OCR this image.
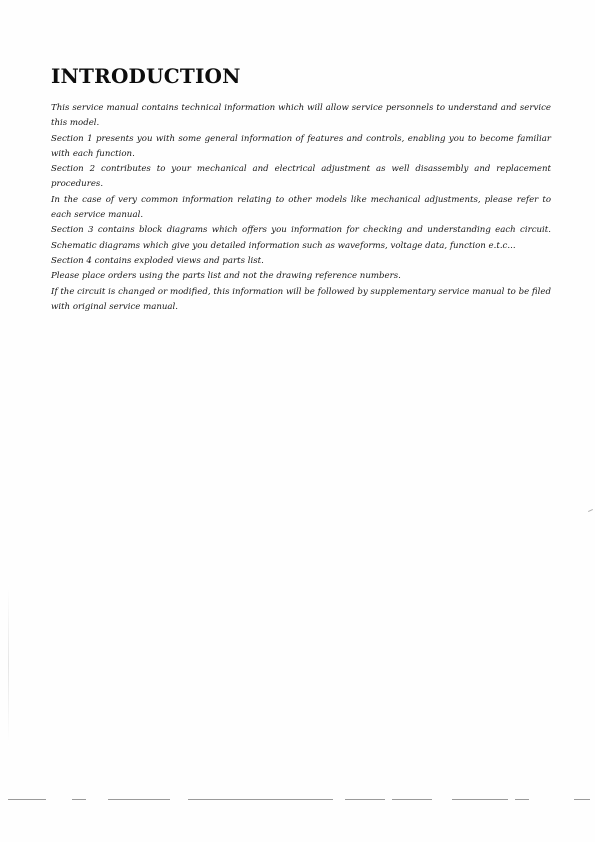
INTRODUCTION
This service manual contains technical information which will allow service personnels to understand and service this model.
Section 1 presents you with some general information of features and controls, enabling you to become familiar with each function.
Section 2 contributes to your mechanical and electrical adjustment as well disassembly and replacement procedures.
In the case of very common information relating to other models like mechanical adjustments, please refer to each service manual.
Section 3 contains block diagrams which offers you information for checking and understanding each circuit. Schematic diagrams which give you detailed information such as waveforms, voltage data, function e.t.c...
Section 4 contains exploded views and parts list.
Please place orders using the parts list and not the drawing reference numbers.
If the circuit is changed or modified, this information will be followed by supplementary service manual to be filed with original service manual.
